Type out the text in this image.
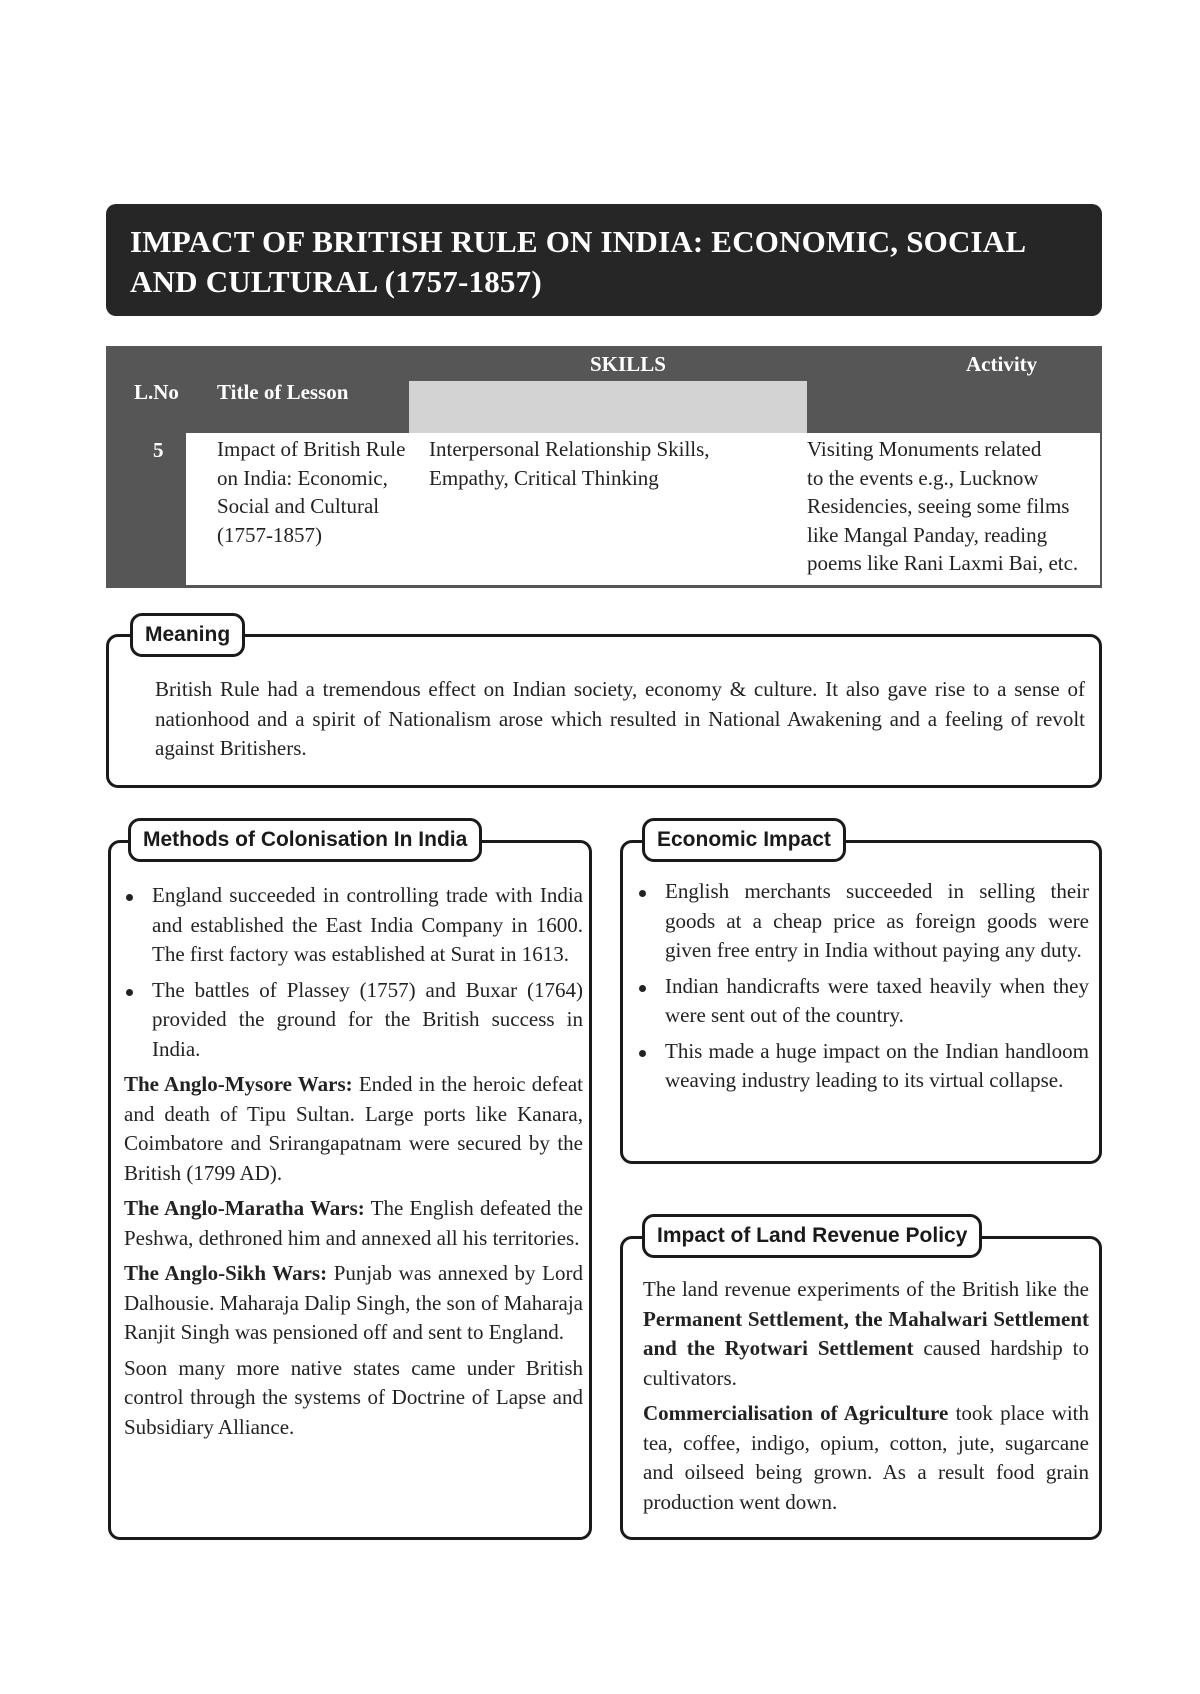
IMPACT OF BRITISH RULE ON INDIA: ECONOMIC, SOCIAL
AND CULTURAL (1757-1857)
SKILLS	Activity
L.No Title of Lesson
5	Impact of British Rule
on India: Economic,
Social and Cultural
(1757-1857)
Interpersonal Relationship Skills,
Empathy, Critical Thinking
Visiting Monuments related
to the events e.g., Lucknow
Residencies, seeing some films
like Mangal Panday, reading
poems like Rani Laxmi Bai, etc.
British Rule had a tremendous effect on Indian society, economy & culture. It also gave rise to a sense of nationhood and a spirit of Nationalism arose which resulted in National Awakening and a feeling of revolt against Britishers.
Meaning
England succeeded in controlling trade with India and established the East India Company in 1600. The first factory was established at Surat in 1613.
The battles of Plassey (1757) and Buxar (1764) provided the ground for the British success in India.

The Anglo-Mysore Wars: Ended in the heroic defeat and death of Tipu Sultan. Large ports like Kanara, Coimbatore and Srirangapatnam were secured by the British (1799 AD).

The Anglo-Maratha Wars: The English defeated the Peshwa, dethroned him and annexed all his territories.

The Anglo-Sikh Wars: Punjab was annexed by Lord Dalhousie. Maharaja Dalip Singh, the son of Maharaja Ranjit Singh was pensioned off and sent to England.

Soon many more native states came under British control through the systems of Doctrine of Lapse and Subsidiary Alliance.

Methods of Colonisation In India
English merchants succeeded in selling their goods at a cheap price as foreign goods were given free entry in India without paying any duty.
Indian handicrafts were taxed heavily when they were sent out of the country.
This made a huge impact on the Indian handloom weaving industry leading to its virtual collapse.
Economic Impact

The land revenue experiments of the British like the Permanent Settlement, the Mahalwari Settlement and the Ryotwari Settlement caused hardship to cultivators.

Commercialisation of Agriculture took place with tea, coffee, indigo, opium, cotton, jute, sugarcane and oilseed being grown. As a result food grain production went down.

Impact of Land Revenue Policy
